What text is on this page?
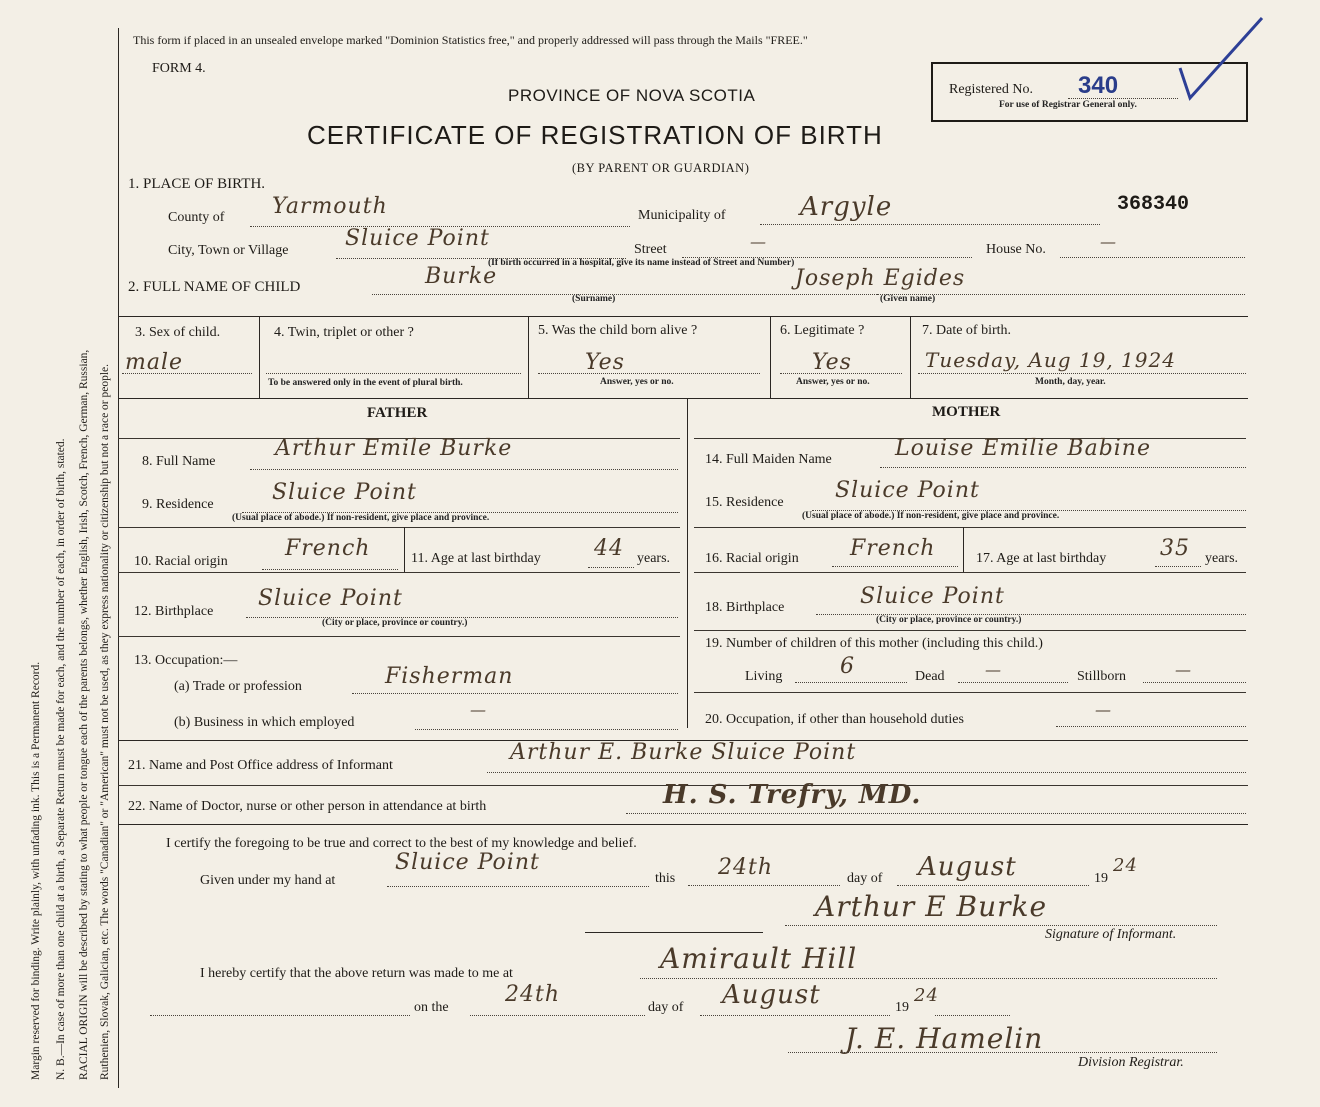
Margin reserved for binding. Write plainly, with unfading ink. This is a Permanent Record. N. B.—In case of more than one child at a birth, a Separate Return must be made for each, and the number of each, in order of birth, stated. RACIAL ORIGIN will be described by stating to what people or tongue each of the parents belongs, whether English, Irish, Scotch, French, German, Russian, Ruthenien, Slovak, Galician, etc. The words "Canadian" or "American" must not be used, as they express nationality or citizenship but not a race or people.
This form if placed in an unsealed envelope marked "Dominion Statistics free," and properly addressed will pass through the Mails "FREE."
FORM 4.
PROVINCE OF NOVA SCOTIA
CERTIFICATE OF REGISTRATION OF BIRTH
(BY PARENT OR GUARDIAN)
Registered No. 340
For use of Registrar General only.
368340
1. PLACE OF BIRTH.
County of Yarmouth	Municipality of	Argyle
City, Town or Village	Sluice Point	Street	—	House No.	—
(If birth occurred in a hospital, give its name instead of Street and Number)
2. FULL NAME OF CHILD	Burke
(Surname)
Joseph Egides
(Given name)
3. Sex of child.
male
4. Twin, triplet or other ?
To be answered only in the event of plural birth.
5. Was the child born alive ?
Yes
Answer, yes or no.
6. Legitimate ?
Yes
Answer, yes or no.
7. Date of birth.
Tuesday, Aug 19, 1924
Month, day, year.
FATHER	MOTHER
8. Full Name
Arthur Emile Burke
9. Residence	Sluice Point
(Usual place of abode.) If non-resident, give place and province.
10. Racial origin
French	11. Age at last birthday 44 years.
12. Birthplace
Sluice Point
(City or place, province or country.)
13. Occupation:—
(a) Trade or profession	Fisherman
(b) Business in which employed
—
14. Full Maiden Name	Louise Emilie Babine
15. Residence Sluice Point
(Usual place of abode.) If non-resident, give place and province.
16. Racial origin French	17. Age at last birthday 35 years.
18. Birthplace	Sluice Point
(City or place, province or country.)
19. Number of children of this mother (including this child.)
Living	6	Dead	—	Stillborn	—
20. Occupation, if other than household duties
—
21. Name and Post Office address of Informant
Arthur E. Burke Sluice Point
22. Name of Doctor, nurse or other person in attendance at birth	H. S. Trefry, MD.
I certify the foregoing to be true and correct to the best of my knowledge and belief.
Given under my hand at
Sluice Point
this 24th	day of August	19
24
Arthur E Burke
Signature of Informant.
I hereby certify that the above return was made to me at	Amirault Hill
on the
24th
day of August	19
24
J. E. Hamelin
Division Registrar.
